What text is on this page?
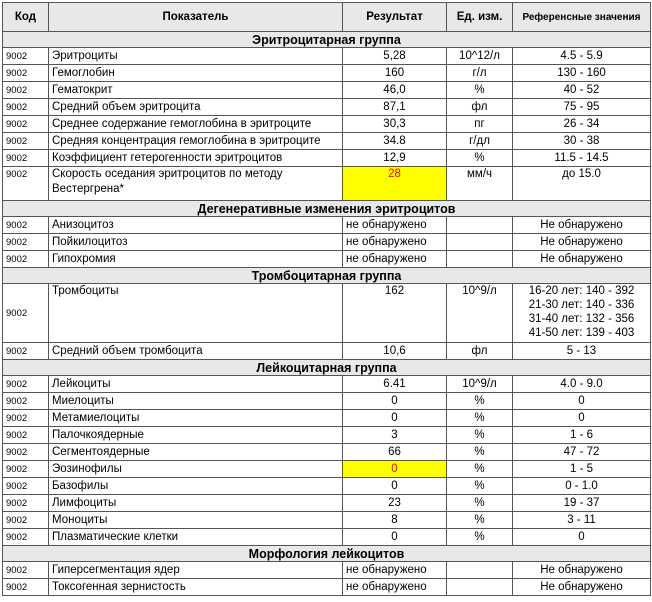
Код	Показатель	Результат	Ед. изм.	Референсные значения
Эритроцитарная группа				
9002	Эритроциты	5,28	10^12/л	4.5 - 5.9
9002	Гемоглобин	160	г/л	130 - 160
9002	Гематокрит	46,0	%	40 - 52
9002	Средний объем эритроцита	87,1	фл	75 - 95
9002	Среднее содержание гемоглобина в эритроците	30,3	пг	26 - 34
9002	Средняя концентрация гемоглобина в эритроците	34.8	г/дл	30 - 38
9002	Коэффициент гетерогенности эритроцитов	12,9	%	11.5 - 14.5
9002	Скорость оседания эритроцитов по методу Вестергрена*	28	мм/ч	до 15.0
Дегенеративные изменения эритроцитов				
9002	Анизоцитоз	не обнаружено		Не обнаружено
9002	Пойкилоцитоз	не обнаружено		Не обнаружено
9002	Гипохромия	не обнаружено		Не обнаружено
Тромбоцитарная группа				
9002	Тромбоциты	162	10^9/л	16-20 лет: 140 - 392
21-30 лет: 140 - 336
31-40 лет: 132 - 356
41-50 лет: 139 - 403

9002	Средний объем тромбоцита	10,6	фл	5 - 13
Лейкоцитарная группа				
9002	Лейкоциты	6.41	10^9/л	4.0 - 9.0
9002	Миелоциты	0	%	0
9002	Метамиелоциты	0	%	0
9002	Палочкоядерные	3	%	1 - 6
9002	Сегментоядерные	66	%	47 - 72
9002	Эозинофилы	0	%	1 - 5
9002	Базофилы	0	%	0 - 1.0
9002	Лимфоциты	23	%	19 - 37
9002	Моноциты	8	%	3 - 11
9002	Плазматические клетки	0	%	0
Морфология лейкоцитов				
9002	Гиперсегментация ядер	не обнаружено		Не обнаружено
9002	Токсогенная зернистость	не обнаружено		Не обнаружено
